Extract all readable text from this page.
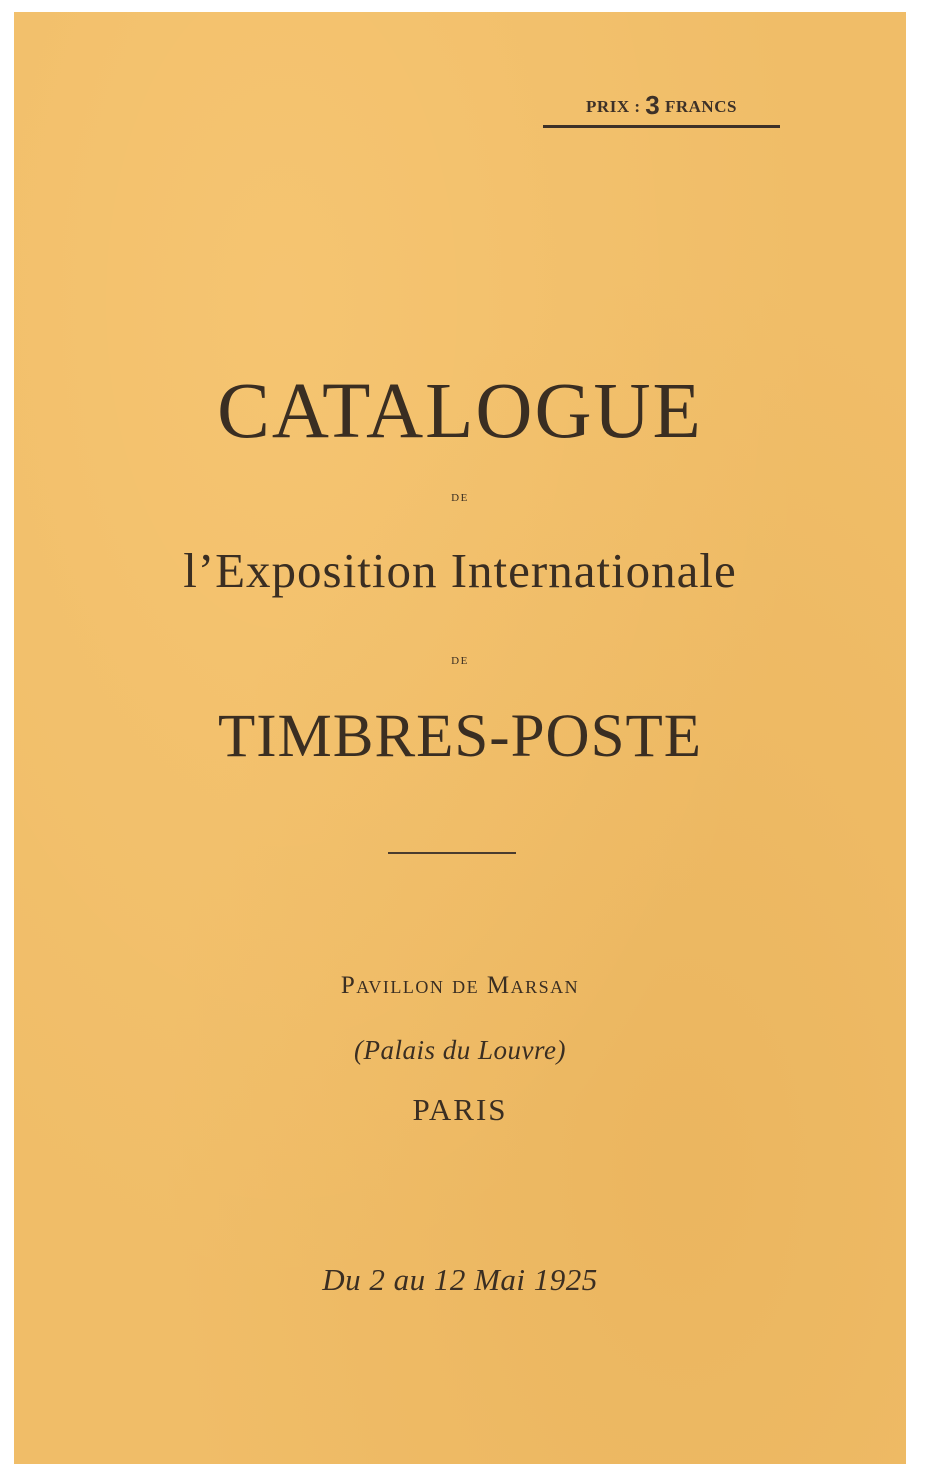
PRIX : 3 FRANCS
CATALOGUE
DE
l’Exposition Internationale
DE
TIMBRES-POSTE
Pavillon de Marsan
(Palais du Louvre)
PARIS
Du 2 au 12 Mai 1925
